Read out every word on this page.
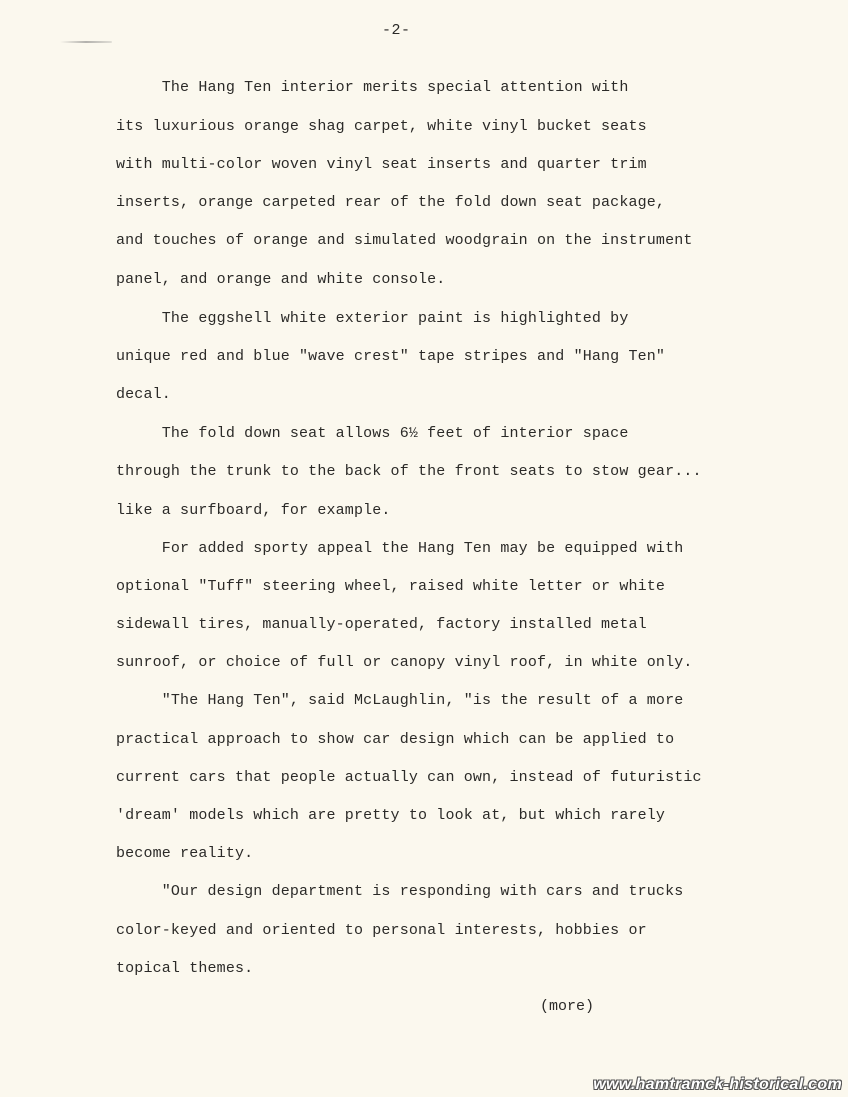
-2-
The Hang Ten interior merits special attention with
its luxurious orange shag carpet, white vinyl bucket seats
with multi-color woven vinyl seat inserts and quarter trim
inserts, orange carpeted rear of the fold down seat package,
and touches of orange and simulated woodgrain on the instrument
panel, and orange and white console.
The eggshell white exterior paint is highlighted by
unique red and blue "wave crest" tape stripes and "Hang Ten"
decal.
The fold down seat allows 6½ feet of interior space
through the trunk to the back of the front seats to stow gear...
like a surfboard, for example.
For added sporty appeal the Hang Ten may be equipped with
optional "Tuff" steering wheel, raised white letter or white
sidewall tires, manually-operated, factory installed metal
sunroof, or choice of full or canopy vinyl roof, in white only.
"The Hang Ten", said McLaughlin, "is the result of a more
practical approach to show car design which can be applied to
current cars that people actually can own, instead of futuristic
'dream' models which are pretty to look at, but which rarely
become reality.
"Our design department is responding with cars and trucks
color-keyed and oriented to personal interests, hobbies or
topical themes.
(more)
www.hamtramck-historical.com
